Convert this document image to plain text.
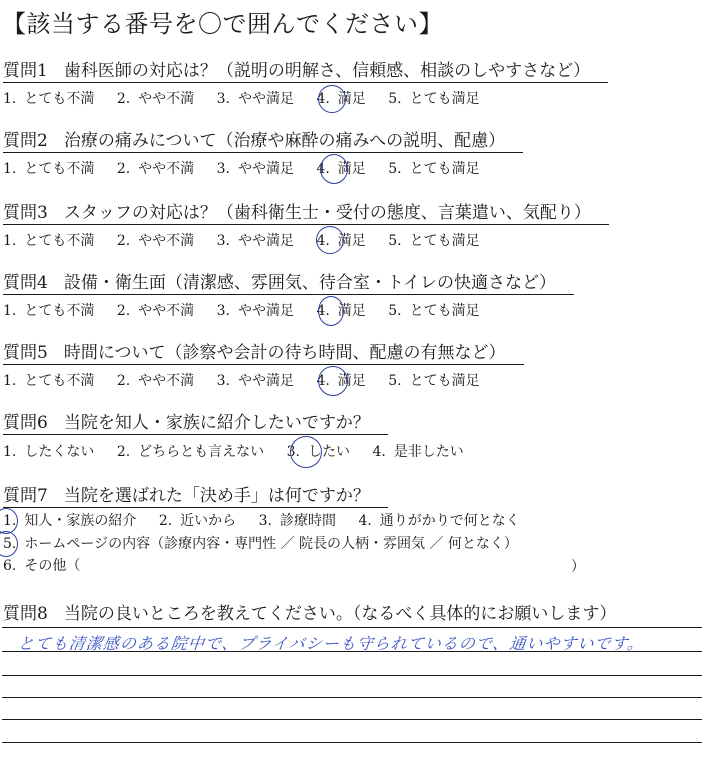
【該当する番号を〇で囲んでください】
質問1 歯科医師の対応は？（説明の明解さ、信頼感、相談のしやすさなど）
1. とても不満 2. やや不満 3. やや満足 4. 満足 5. とても満足
質問2 治療の痛みについて（治療や麻酔の痛みへの説明、配慮）
1. とても不満 2. やや不満 3. やや満足 4. 満足 5. とても満足
質問3 スタッフの対応は？（歯科衛生士・受付の態度、言葉遣い、気配り）
1. とても不満 2. やや不満 3. やや満足 4. 満足 5. とても満足
質問4 設備・衛生面（清潔感、雰囲気、待合室・トイレの快適さなど）
1. とても不満 2. やや不満 3. やや満足 4. 満足 5. とても満足
質問5 時間について（診察や会計の待ち時間、配慮の有無など）
1. とても不満 2. やや不満 3. やや満足 4. 満足 5. とても満足
質問6 当院を知人・家族に紹介したいですか？
1. したくない 2. どちらとも言えない 3. したい 4. 是非したい
質問7 当院を選ばれた「決め手」は何ですか？
1. 知人・家族の紹介 2. 近いから 3. 診療時間 4. 通りがかりで何となく
5. ホームページの内容（診療内容・専門性 ／ 院長の人柄・雰囲気 ／ 何となく）
6. その他（	）
質問8 当院の良いところを教えてください。（なるべく具体的にお願いします）
とても清潔感のある院中で、プライバシーも守られているので、通いやすいです。
